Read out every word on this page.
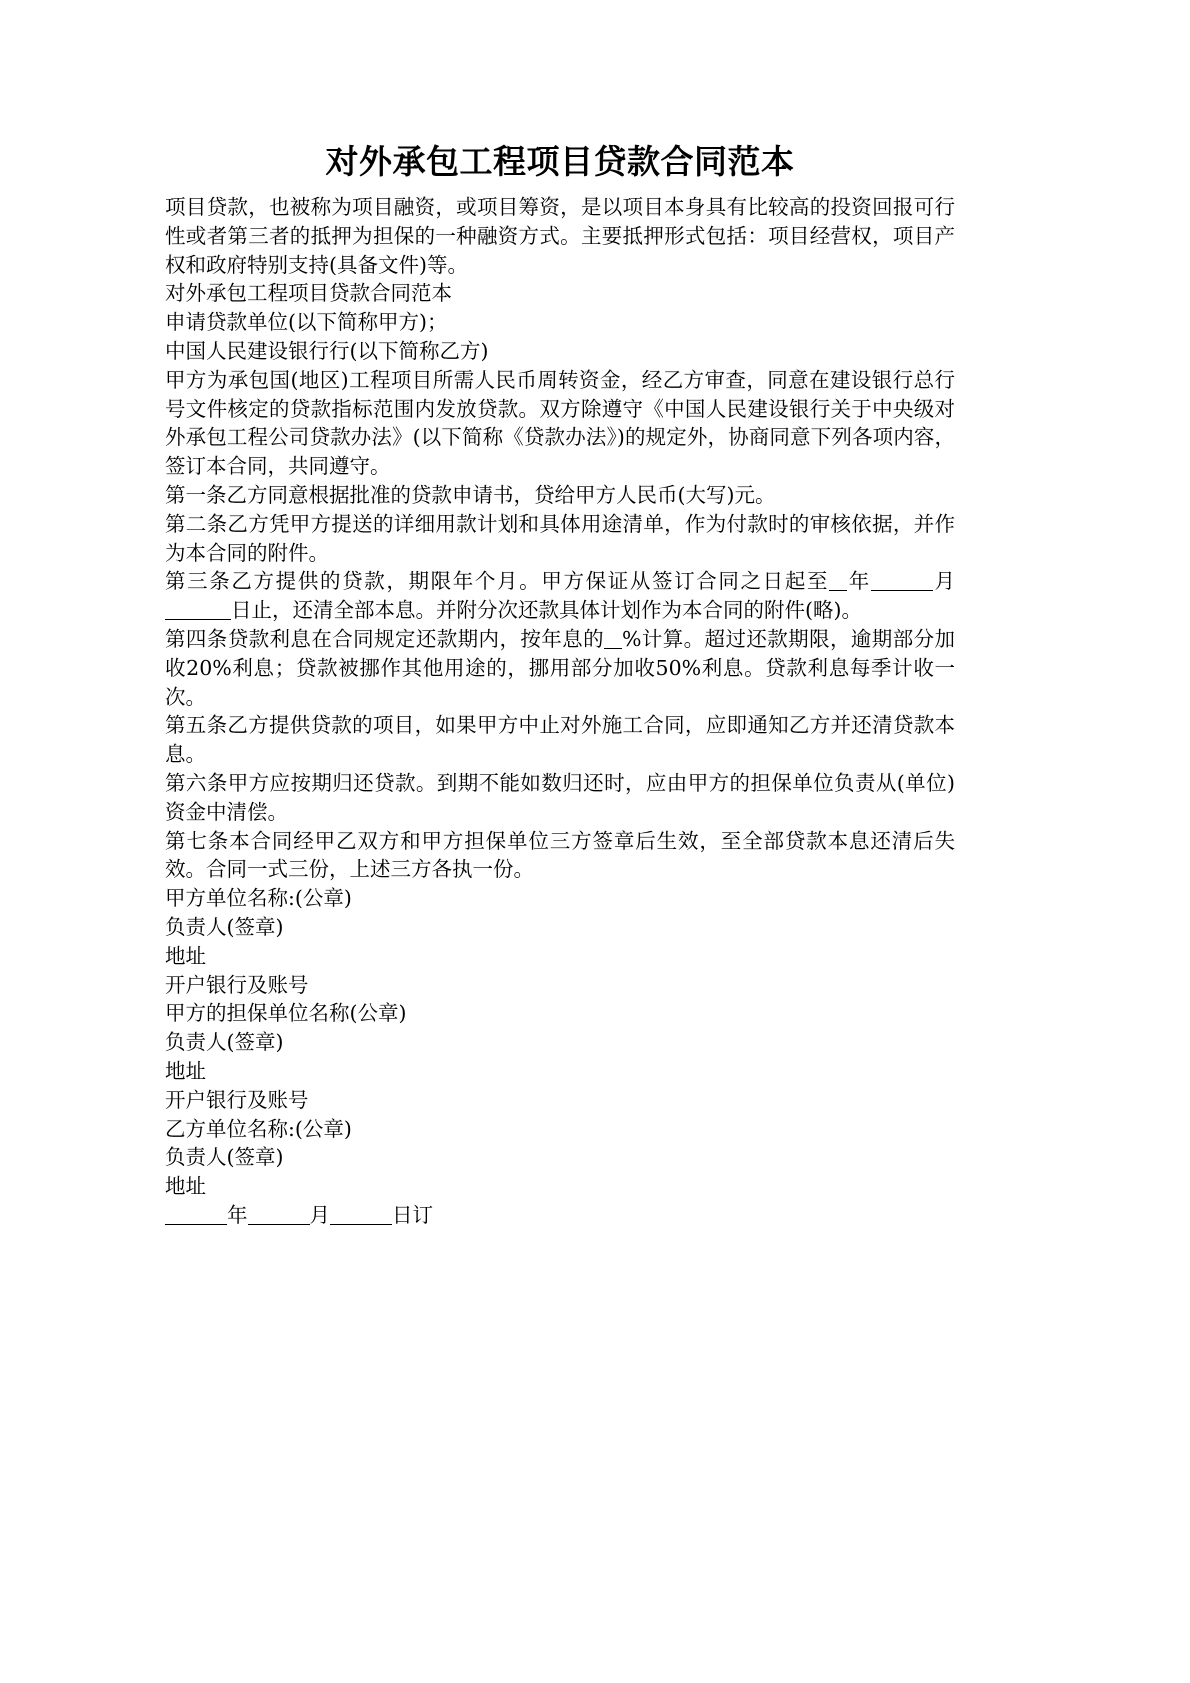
对外承包工程项目贷款合同范本

项目贷款，也被称为项目融资，或项目筹资，是以项目本身具有比较高的投资回报可行性或者第三者的抵押为担保的一种融资方式。主要抵押形式包括：项目经营权，项目产权和政府特别支持(具备文件)等。

对外承包工程项目贷款合同范本

申请贷款单位(以下简称甲方)；

中国人民建设银行行(以下简称乙方)

甲方为承包国(地区)工程项目所需人民币周转资金，经乙方审查，同意在建设银行总行号文件核定的贷款指标范围内发放贷款。双方除遵守《中国人民建设银行关于中央级对外承包工程公司贷款办法》(以下简称《贷款办法》)的规定外，协商同意下列各项内容，签订本合同，共同遵守。

第一条乙方同意根据批准的贷款申请书，贷给甲方人民币(大写)元。

第二条乙方凭甲方提送的详细用款计划和具体用途清单，作为付款时的审核依据，并作为本合同的附件。

第三条乙方提供的贷款，期限年个月。甲方保证从签订合同之日起至 年	月日止，还清全部本息。并附分次还款具体计划作为本合同的附件(略)。

第四条贷款利息在合同规定还款期内，按年息的 %计算。超过还款期限，逾期部分加收20%利息；贷款被挪作其他用途的，挪用部分加收50%利息。贷款利息每季计收一次。

第五条乙方提供贷款的项目，如果甲方中止对外施工合同，应即通知乙方并还清贷款本息。

第六条甲方应按期归还贷款。到期不能如数归还时，应由甲方的担保单位负责从(单位)资金中清偿。

第七条本合同经甲乙双方和甲方担保单位三方签章后生效，至全部贷款本息还清后失效。合同一式三份，上述三方各执一份。

甲方单位名称:(公章)

负责人(签章)

地址

开户银行及账号

甲方的担保单位名称(公章)

负责人(签章)

地址

开户银行及账号

乙方单位名称:(公章)

负责人(签章)

地址

年	月	日订
